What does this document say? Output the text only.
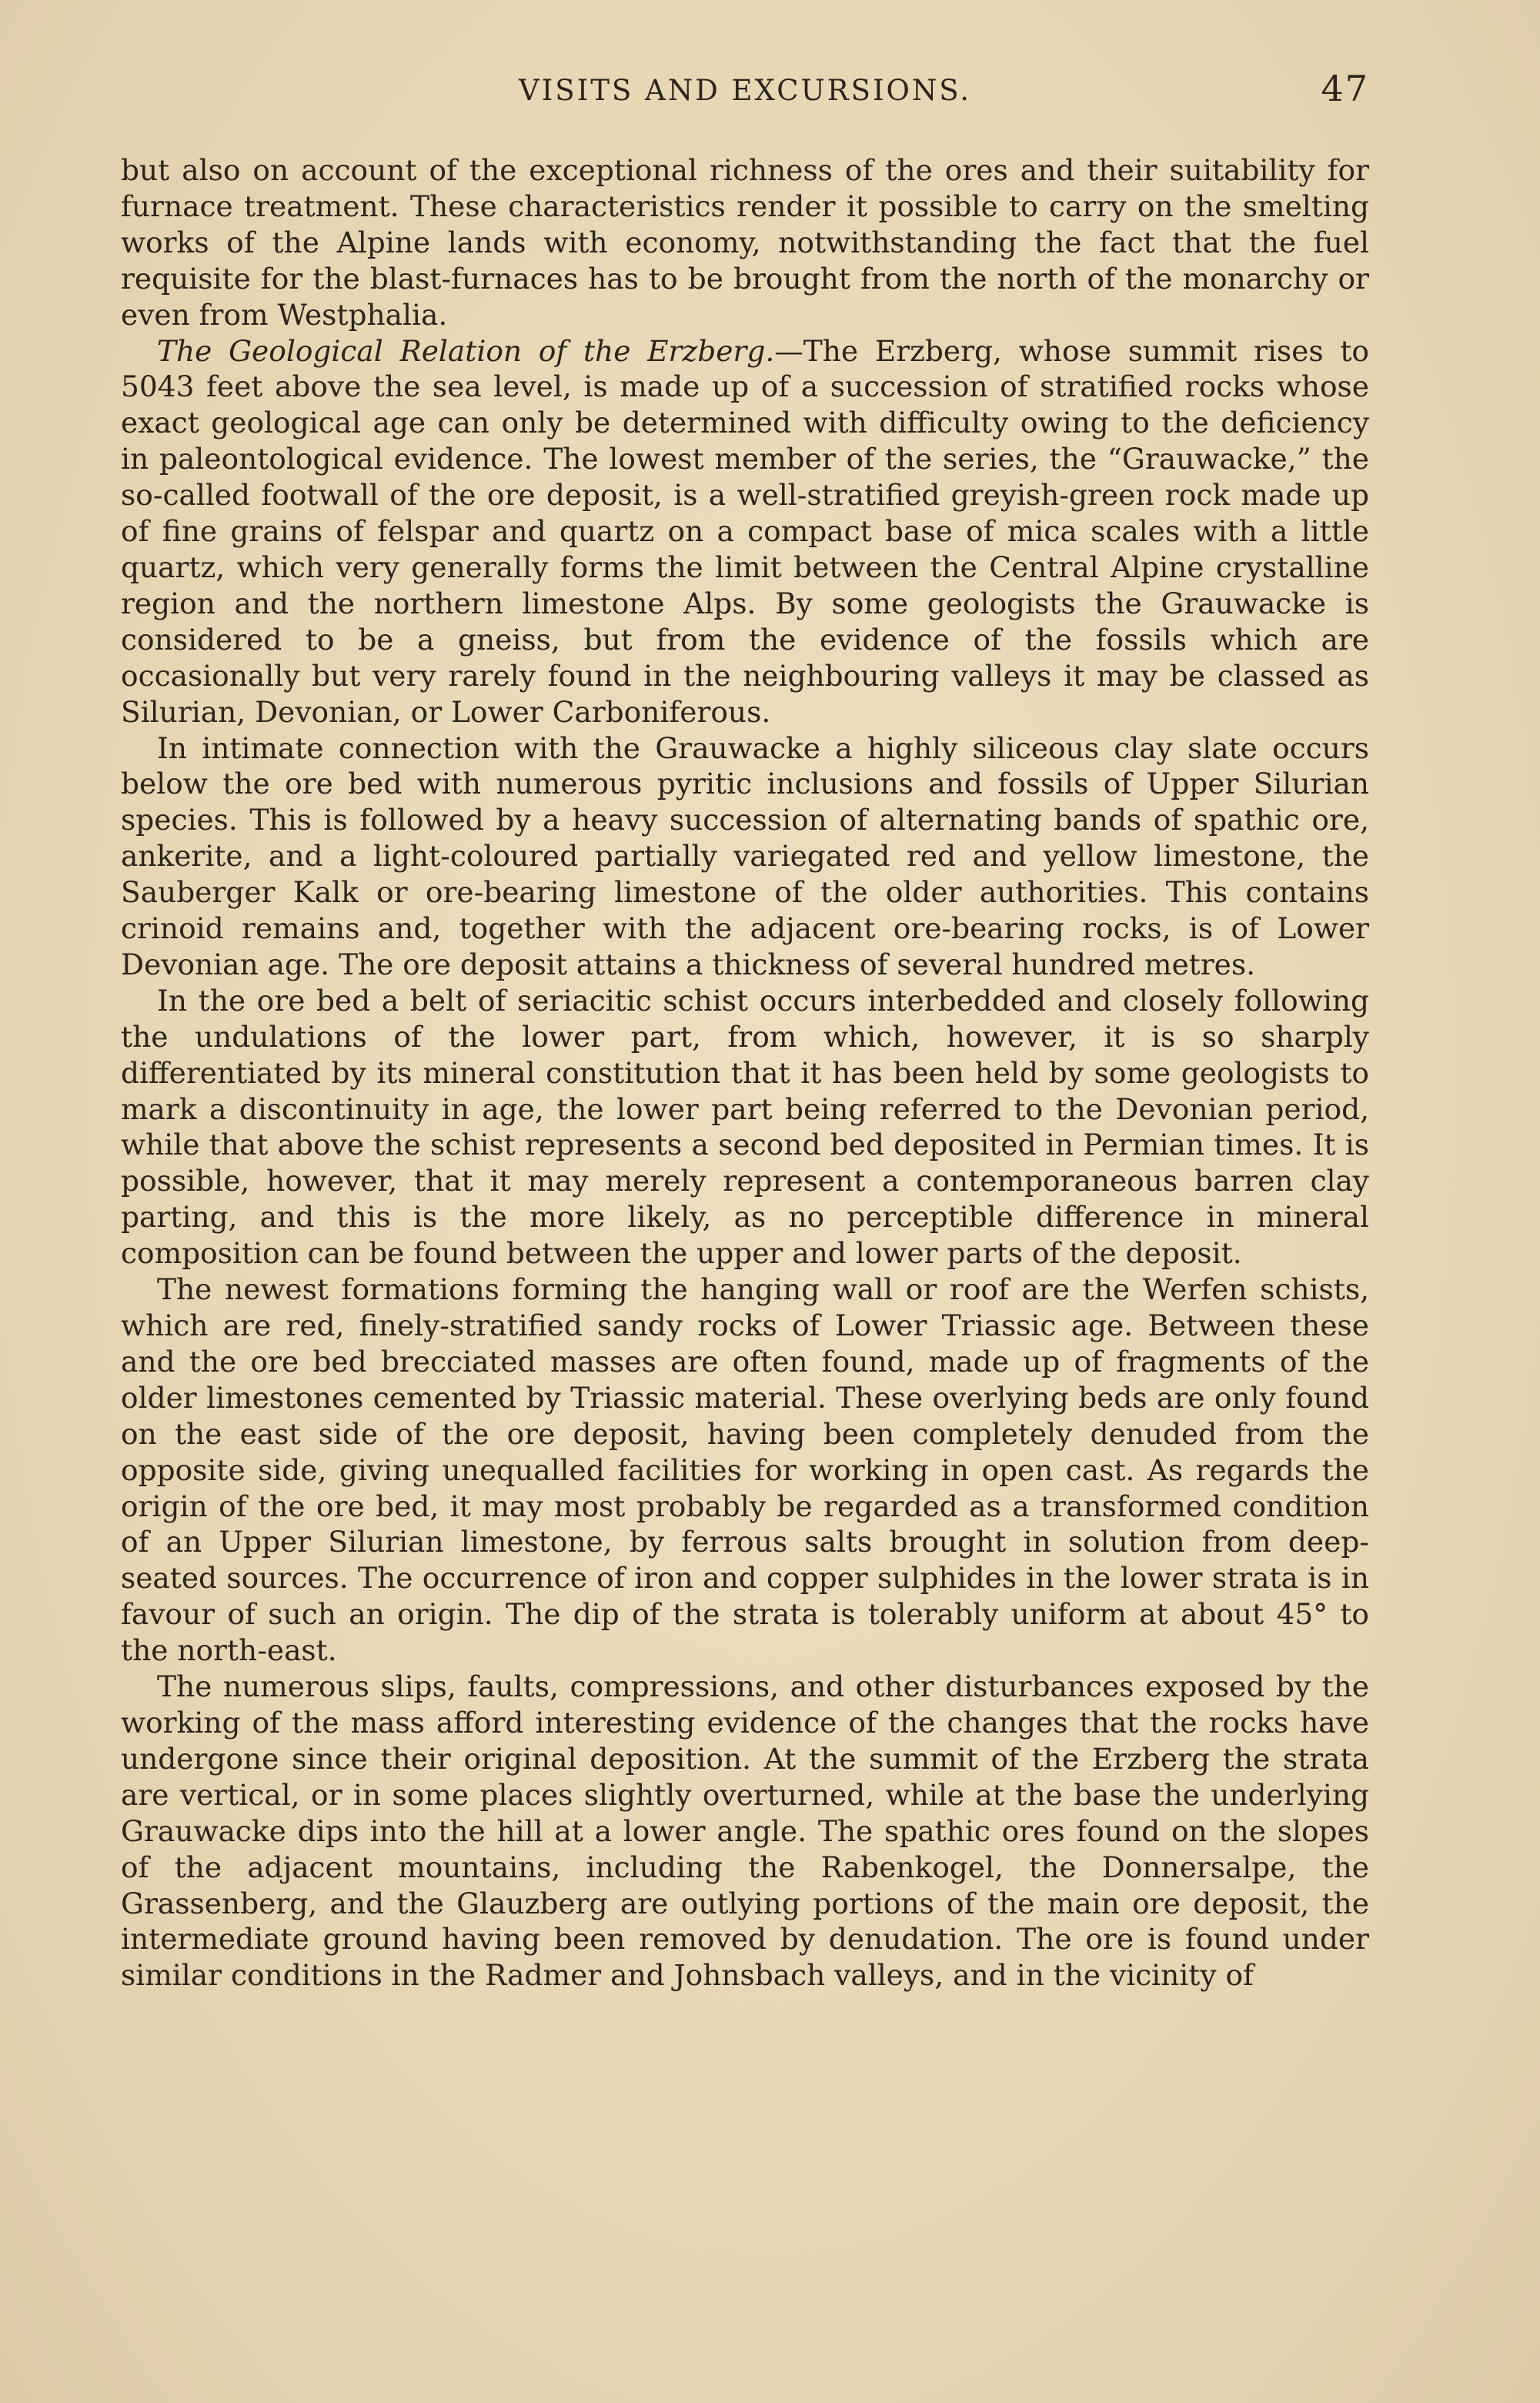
VISITS AND EXCURSIONS.	47

but also on account of the exceptional richness of the ores and their suitability for furnace treatment. These characteristics render it possible to carry on the smelting works of the Alpine lands with economy, notwithstanding the fact that the fuel requisite for the blast-furnaces has to be brought from the north of the monarchy or even from Westphalia.

The Geological Relation of the Erzberg.—The Erzberg, whose summit rises to 5043 feet above the sea level, is made up of a succession of stratified rocks whose exact geological age can only be determined with difficulty owing to the deficiency in paleontological evidence. The lowest member of the series, the “Grauwacke,” the so-called footwall of the ore deposit, is a well-stratified greyish-green rock made up of fine grains of felspar and quartz on a compact base of mica scales with a little quartz, which very generally forms the limit between the Central Alpine crystalline region and the northern limestone Alps. By some geologists the Grauwacke is considered to be a gneiss, but from the evidence of the fossils which are occasionally but very rarely found in the neighbouring valleys it may be classed as Silurian, Devonian, or Lower Carboniferous.

In intimate connection with the Grauwacke a highly siliceous clay slate occurs below the ore bed with numerous pyritic inclusions and fossils of Upper Silurian species. This is followed by a heavy succession of alternating bands of spathic ore, ankerite, and a light-coloured partially variegated red and yellow limestone, the Sauberger Kalk or ore-bearing limestone of the older authorities. This contains crinoid remains and, together with the adjacent ore-bearing rocks, is of Lower Devonian age. The ore deposit attains a thickness of several hundred metres.

In the ore bed a belt of seriacitic schist occurs interbedded and closely following the undulations of the lower part, from which, however, it is so sharply differentiated by its mineral constitution that it has been held by some geologists to mark a discontinuity in age, the lower part being referred to the Devonian period, while that above the schist represents a second bed deposited in Permian times. It is possible, however, that it may merely represent a contemporaneous barren clay parting, and this is the more likely, as no perceptible difference in mineral composition can be found between the upper and lower parts of the deposit.

The newest formations forming the hanging wall or roof are the Werfen schists, which are red, finely-stratified sandy rocks of Lower Triassic age. Between these and the ore bed brecciated masses are often found, made up of fragments of the older limestones cemented by Triassic material. These overlying beds are only found on the east side of the ore deposit, having been completely denuded from the opposite side, giving unequalled facilities for working in open cast. As regards the origin of the ore bed, it may most probably be regarded as a transformed condition of an Upper Silurian limestone, by ferrous salts brought in solution from deep-seated sources. The occurrence of iron and copper sulphides in the lower strata is in favour of such an origin. The dip of the strata is tolerably uniform at about 45° to the north-east.

The numerous slips, faults, compressions, and other disturbances exposed by the working of the mass afford interesting evidence of the changes that the rocks have undergone since their original deposition. At the summit of the Erzberg the strata are vertical, or in some places slightly overturned, while at the base the underlying Grauwacke dips into the hill at a lower angle. The spathic ores found on the slopes of the adjacent mountains, including the Rabenkogel, the Donnersalpe, the Grassenberg, and the Glauzberg are outlying portions of the main ore deposit, the intermediate ground having been removed by denudation. The ore is found under similar conditions in the Radmer and Johnsbach valleys, and in the vicinity of
